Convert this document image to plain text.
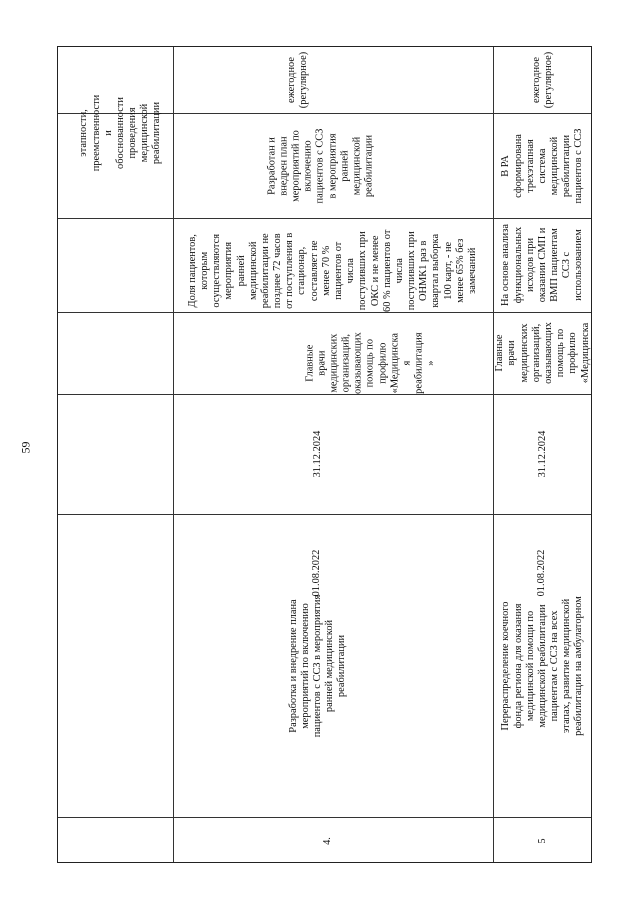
59
этапности,
преемственности
и
обоснованности
проведения
медицинской
реабилитации
ежегодное
(регулярное)
ежегодное
(регулярное)
Разработан и
внедрен план
мероприятий по
включению
пациентов с ССЗ
в мероприятия
ранней
медицинской
реабилитации
Доля пациентов,
которым
осуществляются
мероприятия
ранней
медицинской
реабилитации не
позднее 72 часов
от поступления в
стационар,
составляет не
менее 70 %
пациентов от
числа
поступивших при
ОКС и не менее
60 % пациентов от
числа
поступивших при
ОНМК1 раз в
квартал выборка
100 карт, - не
менее 65% без
замечаний
Главные
врачи
медицинских
организаций,
оказывающих
помощь по
профилю
«Медицинска
я
реабилитация
»
31.12.2024
Разработка и внедрение плана
мероприятий по включению
пациентов с ССЗ в мероприятия
ранней медицинской
реабилитации
4.
В РА
сформирована
трехэтапная
система
медицинской
реабилитации
пациентов с ССЗ
На основе анализа
функциональных
исходов при
оказании СМП и
ВМП пациентам
ССЗ с
использованием
Главные
врачи
медицинских
организаций,
оказывающих
помощь по
профилю
«Медицинска
31.12.2024
Перераспределение коечного
фонда региона для оказания
медицинской помощи по
медицинской реабилитации
пациентам с ССЗ на всех
этапах, развитие медицинской
реабилитации на амбулаторном
5
01.08.2022	01.08.2022
